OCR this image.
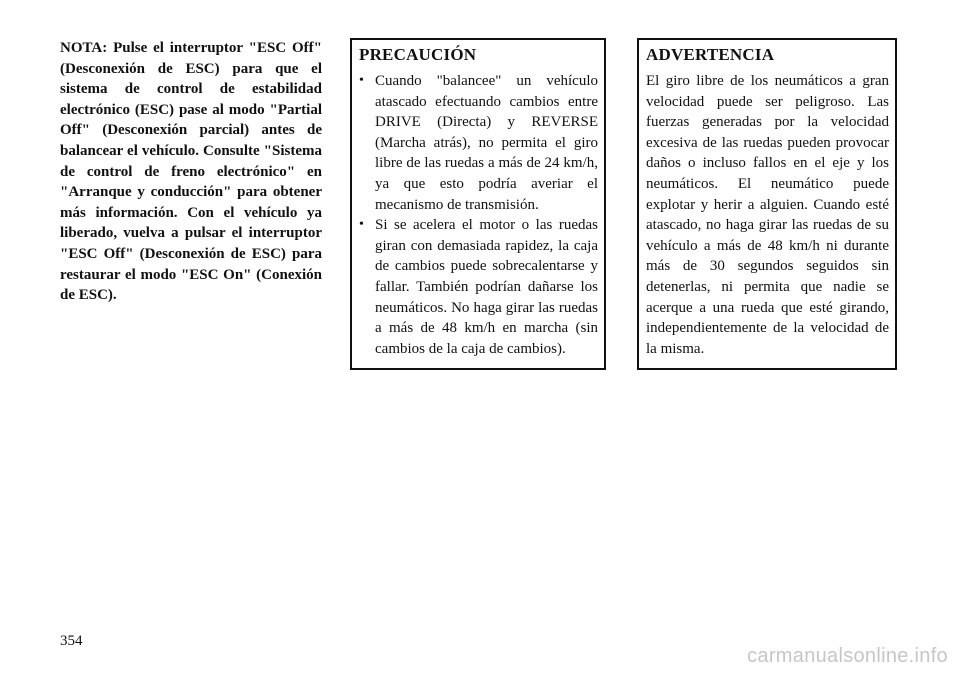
NOTA: Pulse el interruptor "ESC Off" (Desconexión de ESC) para que el sistema de control de estabilidad electrónico (ESC) pase al modo "Partial Off" (Desconexión parcial) antes de balancear el vehículo. Consulte "Sistema de control de freno electrónico" en "Arranque y conducción" para obtener más información. Con el vehículo ya liberado, vuelva a pulsar el interruptor "ESC Off" (Desconexión de ESC) para restaurar el modo "ESC On" (Conexión de ESC).
PRECAUCIÓN
• Cuando "balancee" un vehículo atascado efectuando cambios entre DRIVE (Directa) y REVERSE (Marcha atrás), no permita el giro libre de las ruedas a más de 24 km/h, ya que esto podría averiar el mecanismo de transmisión.
• Si se acelera el motor o las ruedas giran con demasiada rapidez, la caja de cambios puede sobrecalentarse y fallar. También podrían dañarse los neumáticos. No haga girar las ruedas a más de 48 km/h en marcha (sin cambios de la caja de cambios).
ADVERTENCIA

El giro libre de los neumáticos a gran velocidad puede ser peligroso. Las fuerzas generadas por la velocidad excesiva de las ruedas pueden provocar daños o incluso fallos en el eje y los neumáticos. El neumático puede explotar y herir a alguien. Cuando esté atascado, no haga girar las ruedas de su vehículo a más de 48 km/h ni durante más de 30 segundos seguidos sin detenerlas, ni permita que nadie se acerque a una rueda que esté girando, independientemente de la velocidad de la misma.

354
carmanualsonline.info
